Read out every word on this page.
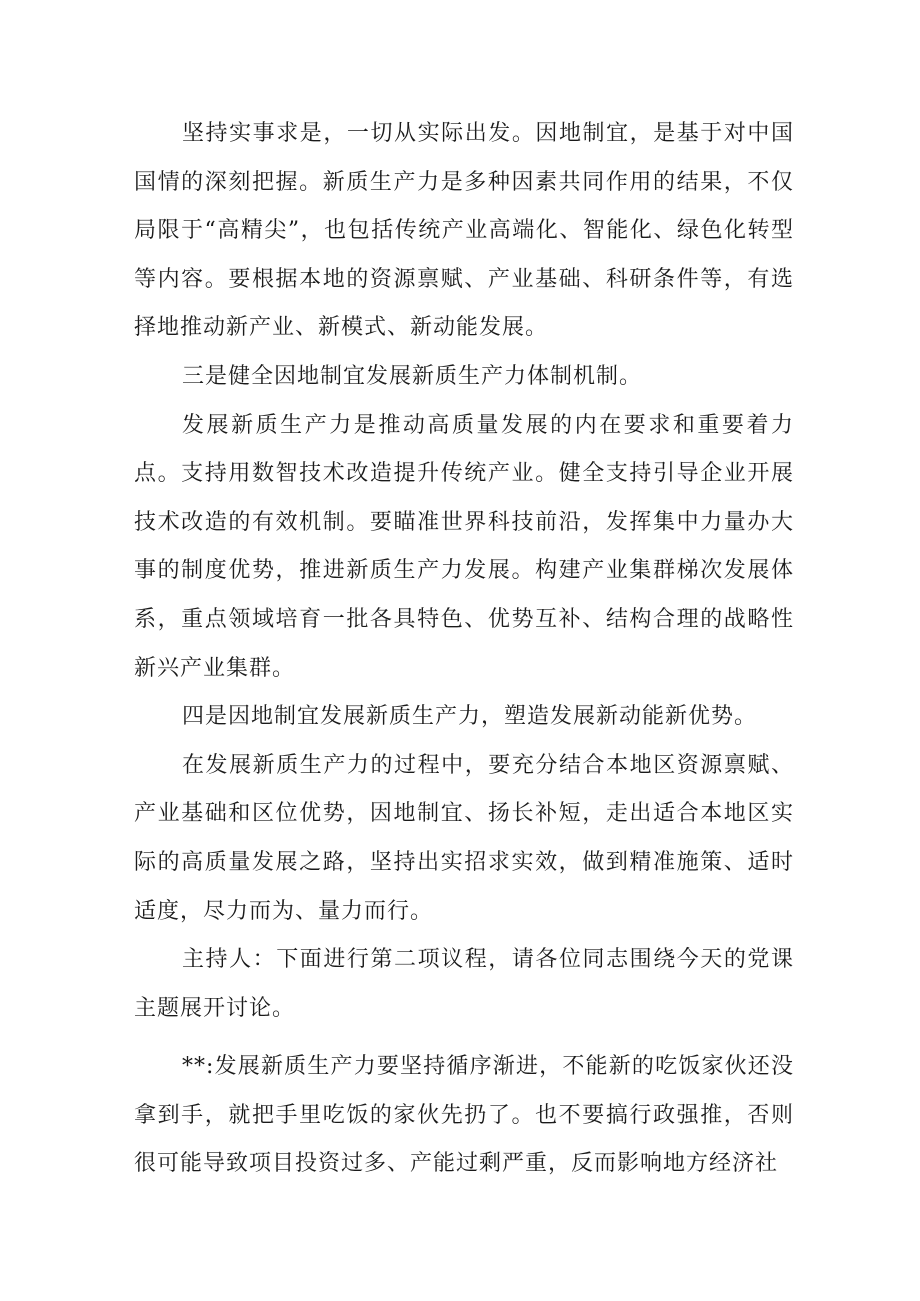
坚持实事求是，一切从实际出发。因地制宜，是基于对中国国情的深刻把握。新质生产力是多种因素共同作用的结果，不仅局限于“高精尖”，也包括传统产业高端化、智能化、绿色化转型等内容。要根据本地的资源禀赋、产业基础、科研条件等，有选择地推动新产业、新模式、新动能发展。

三是健全因地制宜发展新质生产力体制机制。

发展新质生产力是推动高质量发展的内在要求和重要着力点。支持用数智技术改造提升传统产业。健全支持引导企业开展技术改造的有效机制。要瞄准世界科技前沿，发挥集中力量办大事的制度优势，推进新质生产力发展。构建产业集群梯次发展体系，重点领域培育一批各具特色、优势互补、结构合理的战略性新兴产业集群。

四是因地制宜发展新质生产力，塑造发展新动能新优势。

在发展新质生产力的过程中，要充分结合本地区资源禀赋、产业基础和区位优势，因地制宜、扬长补短，走出适合本地区实际的高质量发展之路，坚持出实招求实效，做到精准施策、适时适度，尽力而为、量力而行。

主持人：下面进行第二项议程，请各位同志围绕今天的党课主题展开讨论。

**:发展新质生产力要坚持循序渐进，不能新的吃饭家伙还没拿到手，就把手里吃饭的家伙先扔了。也不要搞行政强推，否则很可能导致项目投资过多、产能过剩严重，反而影响地方经济社
